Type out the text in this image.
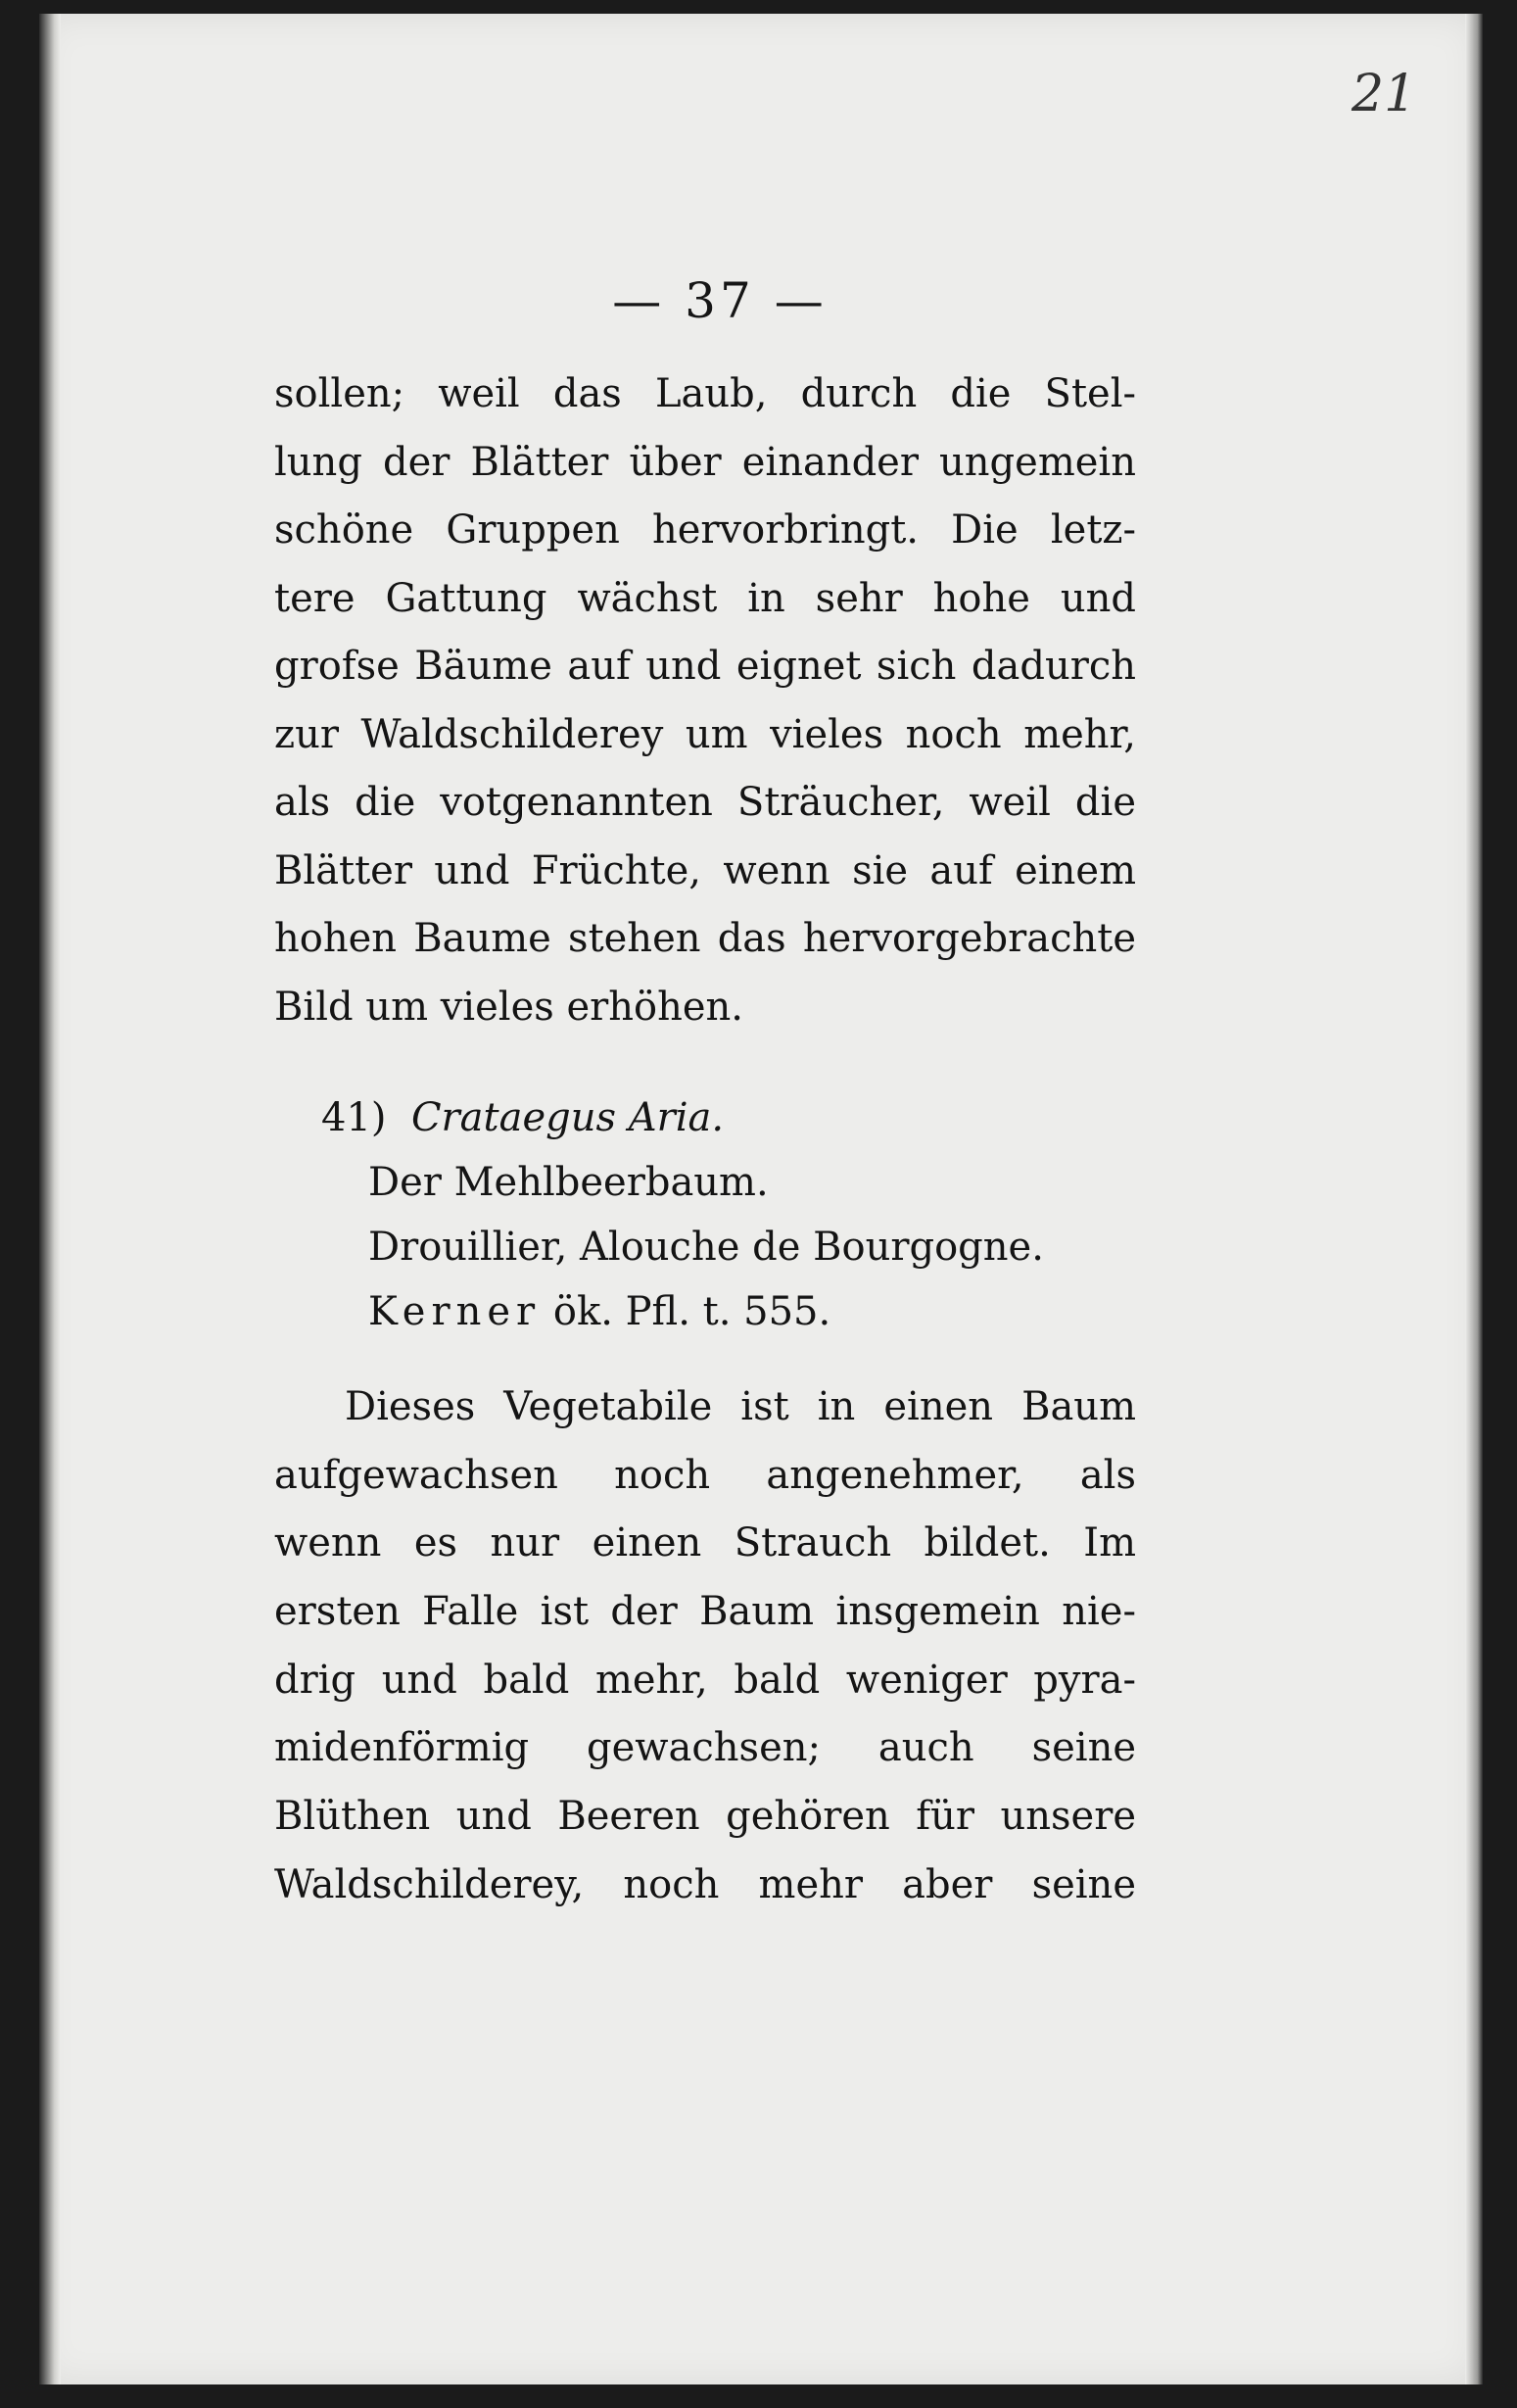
21
— 37 —
sollen; weil das Laub, durch die Stel-
lung der Blätter über einander ungemein
schöne Gruppen hervorbringt. Die letz-
tere Gattung wächst in sehr hohe und
grofse Bäume auf und eignet sich dadurch
zur Waldschilderey um vieles noch mehr,
als die votgenannten Sträucher, weil die
Blätter und Früchte, wenn sie auf einem
hohen Baume stehen das hervorgebrachte
Bild um vieles erhöhen.
41) Crataegus Aria.
Der Mehlbeerbaum.
Drouillier, Alouche de Bourgogne.
Kerner ök. Pfl. t. 555.
Dieses Vegetabile ist in einen Baum
aufgewachsen noch angenehmer, als
wenn es nur einen Strauch bildet. Im
ersten Falle ist der Baum insgemein nie-
drig und bald mehr, bald weniger pyra-
midenförmig gewachsen; auch seine
Blüthen und Beeren gehören für unsere
Waldschilderey, noch mehr aber seine
